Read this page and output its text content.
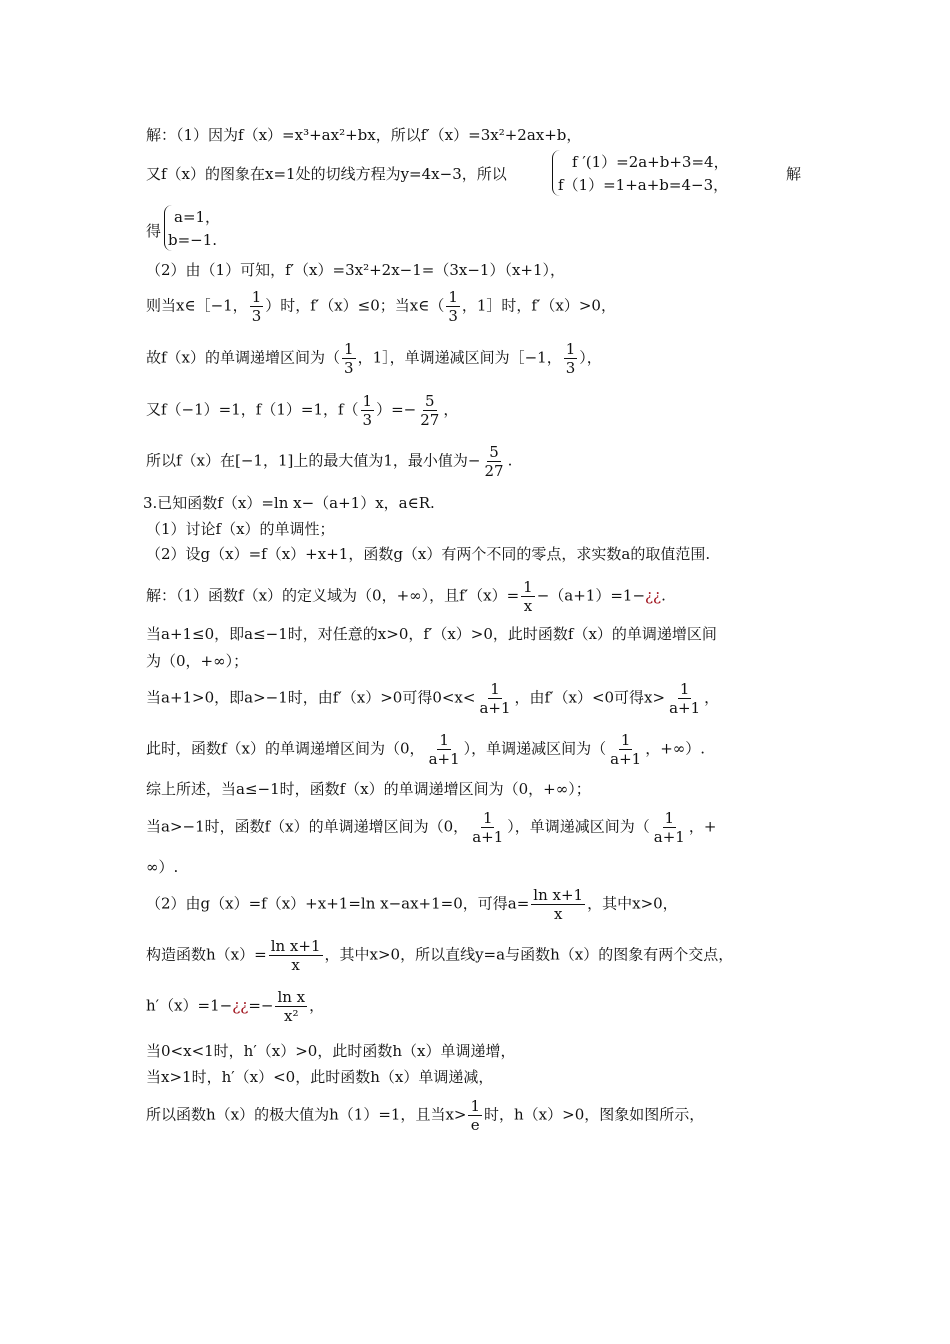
解：（1）因为f（x）=x³+ax²+bx，所以f′（x）=3x²+2ax+b，
又f（x）的图象在x=1处的切线方程为y=4x−3，所以
f ′(1）=2a+b+3=4，
f（1）=1+a+b=4−3，
解
得
a=1，
b=−1.
（2）由（1）可知，f′（x）=3x²+2x−1=（3x−1）（x+1），
则当x∈［−1， $\frac{1}{3}$ ）时，f′（x）≤0；当x∈（ $\frac{1}{3}$ ，1］时，f′（x）>0，
故f（x）的单调递增区间为（ $\frac{1}{3}$ ，1］，单调递减区间为［−1， $\frac{1}{3}$ ），
又f（−1）=1，f（1）=1，$f( \frac{1}{3}$ ）=− $\frac{5}{27}$ ，
所以f（x）在[−1，1]上的最大值为1，最小值为− $\frac{5}{27}$ .
3.已知函数f（x）=ln x−（a+1）x，a∈R.
（1）讨论f（x）的单调性；
（2）设g（x）=f（x）+x+1，函数g（x）有两个不同的零点，求实数a的取值范围.
解：（1）函数f（x）的定义域为（0，+∞），且$f'(x)= \frac{1}{x}$ −（a+1）=1−¿¿.
当a+1≤0，即a≤−1时，对任意的x>0，f′（x）>0，此时函数f（x）的单调递增区间
为（0，+∞）；
当a+1>0，即a>−1时，由f′（x）>0可得$0<x< \frac{1}{a+1}$ ，由f′（x）<0可得$x> \frac{1}{a+1}$ ，
此时，函数f（x）的单调递增区间为（0， $\frac{1}{a+1}$ ），单调递减区间为（ $\frac{1}{a+1}$ ，+∞）.
综上所述，当a≤−1时，函数f（x）的单调递增区间为（0，+∞）；
当a>−1时，函数f（x）的单调递增区间为（0， $\frac{1}{a+1}$ ），单调递减区间为（ $\frac{1}{a+1}$ ，+
∞）.
（2）由g（x）=f（x）+x+1=ln x−ax+1=0，可得$a= \frac{\text{ln x+1}}{x}$ ，其中x>0，
构造函数$h(x)= \frac{\text{ln x+1}}{x}$ ，其中x>0，所以直线y=a与函数h（x）的图象有两个交点，
h′（x）=1−¿¿=− $\frac{\text{ln x}}{\text{x²}}$ ，
当0<x<1时，h′（x）>0，此时函数h（x）单调递增，
当x>1时，h′（x）<0，此时函数h（x）单调递减，
所以函数h（x）的极大值为h（1）=1，且当$x> \frac{1}{e}$ 时，h（x）>0，图象如图所示，
